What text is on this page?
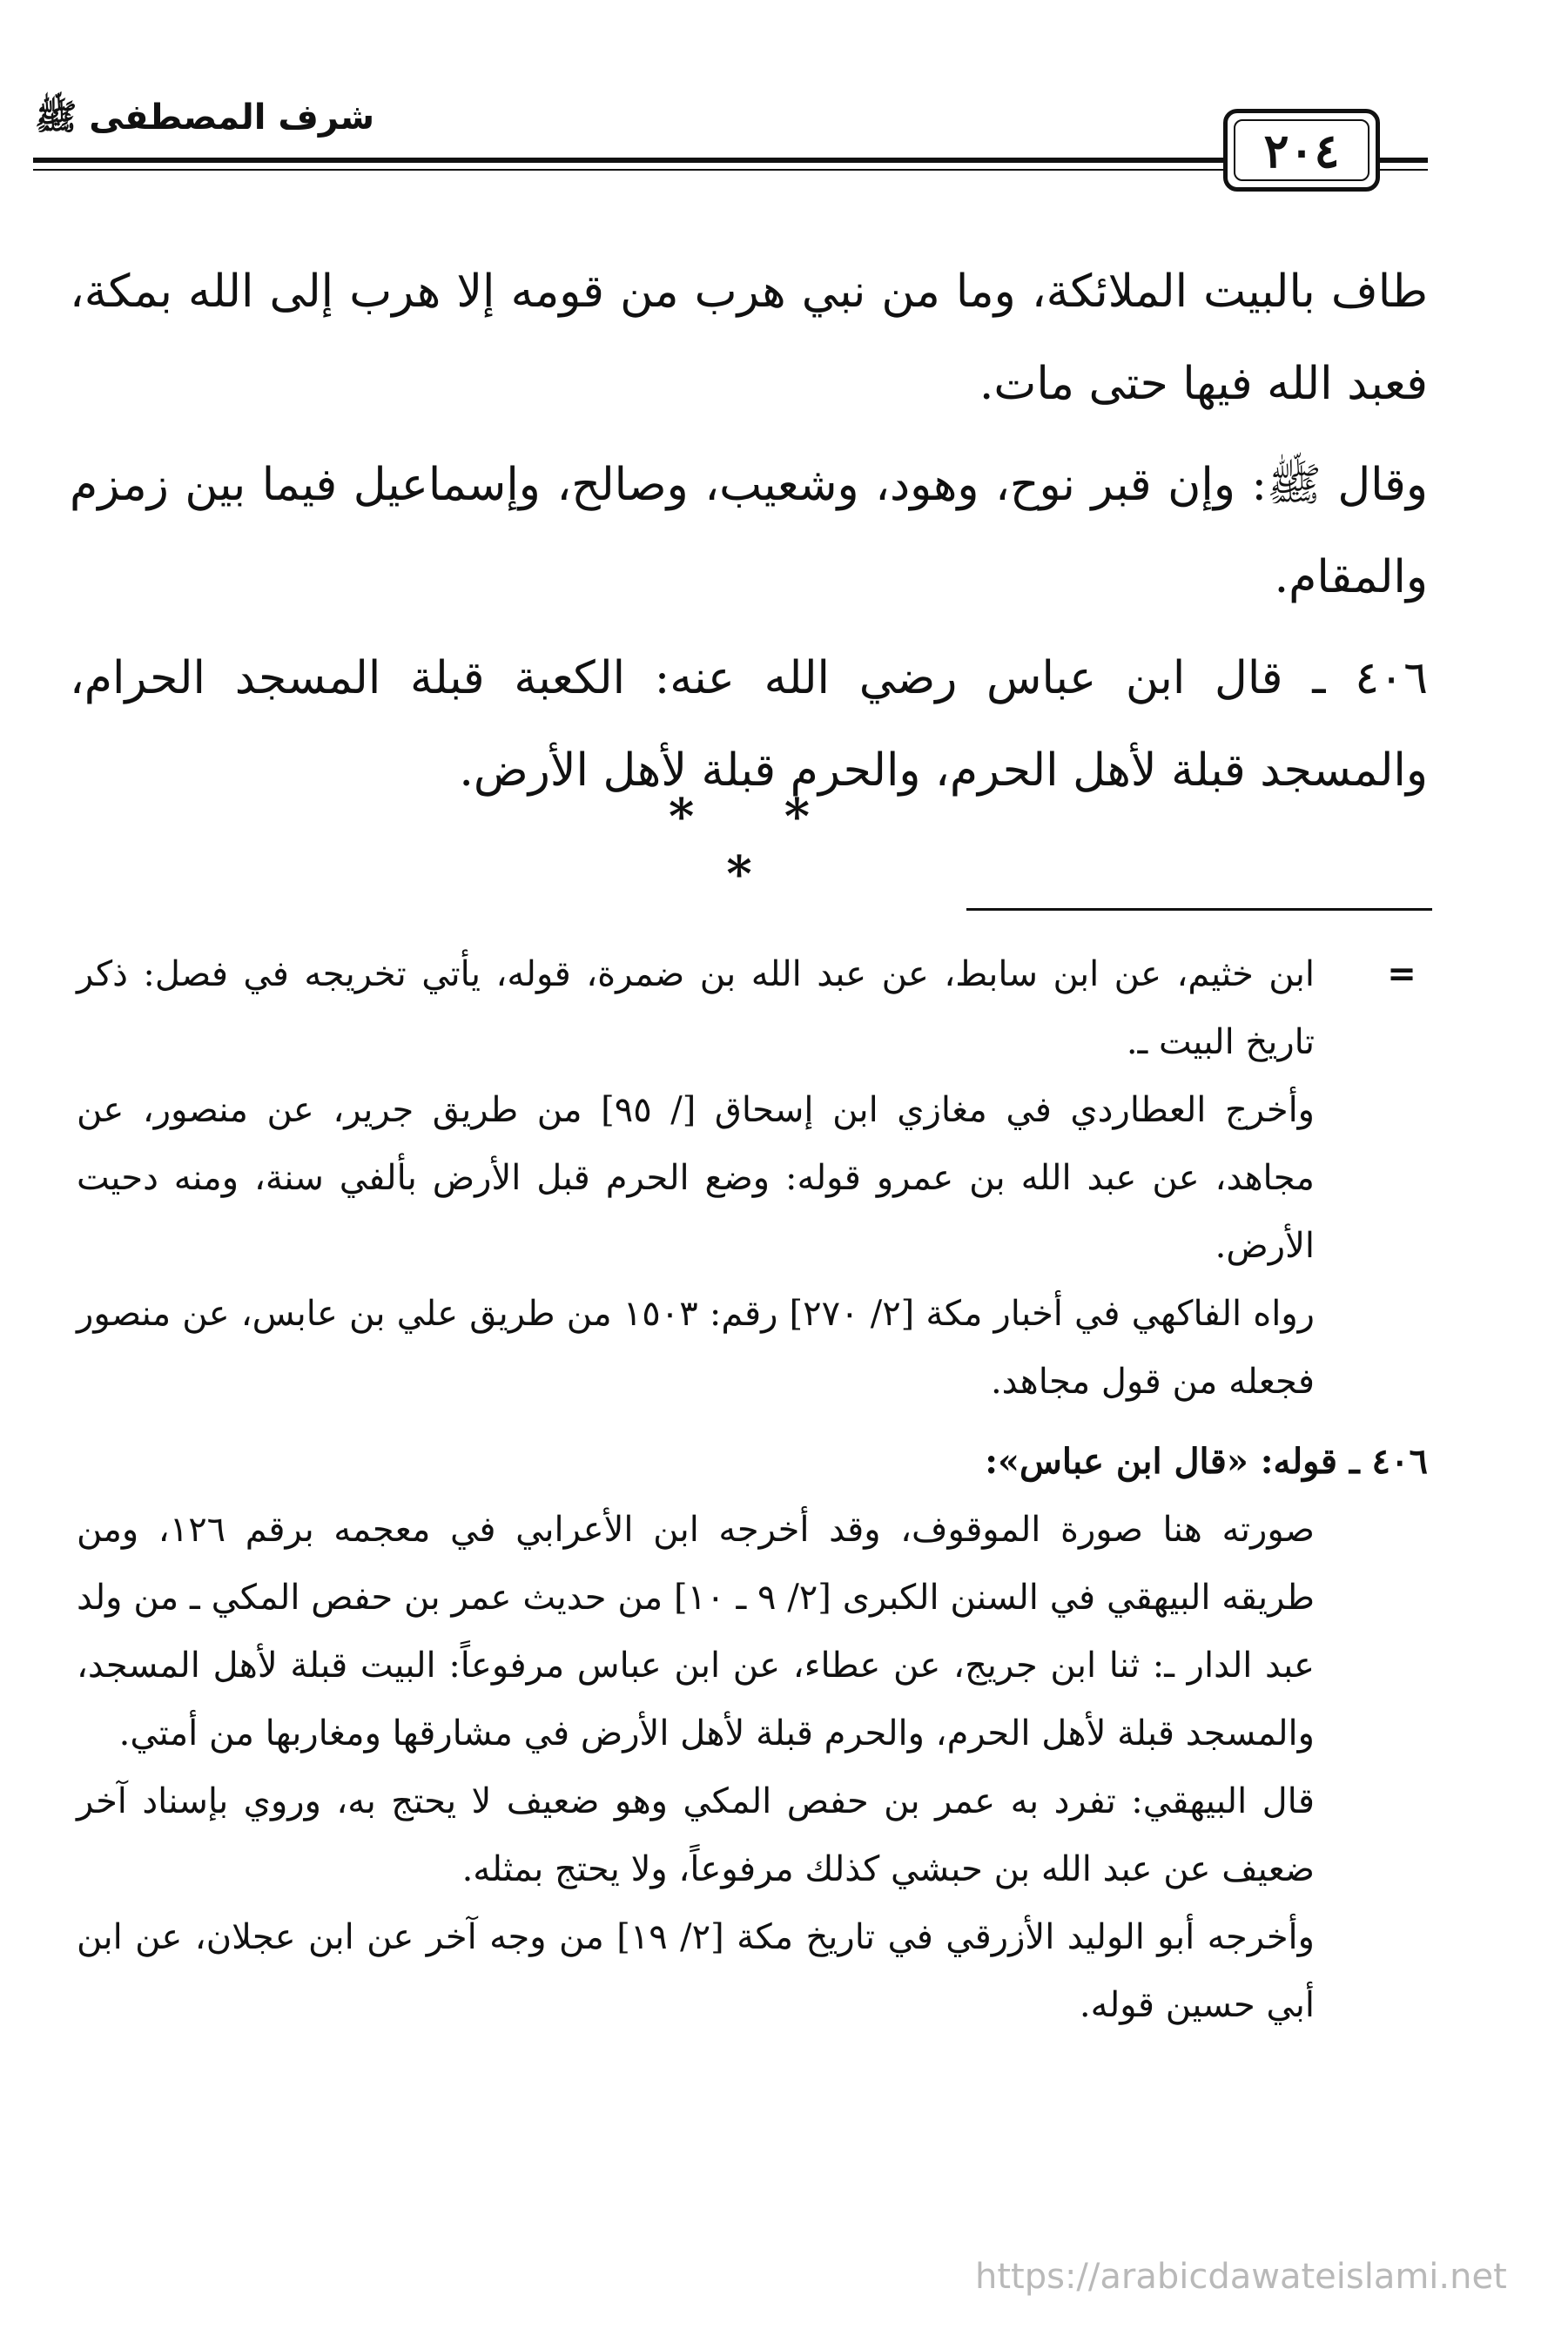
شرف المصطفى ﷺ
٢٠٤

طاف بالبيت الملائكة، وما من نبي هرب من قومه إلا هرب إلى الله بمكة، فعبد الله فيها حتى مات.

وقال ﷺ: وإن قبر نوح، وهود، وشعيب، وصالح، وإسماعيل فيما بين زمزم والمقام.

٤٠٦ ـ قال ابن عباس رضي الله عنه: الكعبة قبلة المسجد الحرام، والمسجد قبلة لأهل الحرم، والحرم قبلة لأهل الأرض.

* * *

=
ابن خثيم، عن ابن سابط، عن عبد الله بن ضمرة، قوله، يأتي تخريجه في فصل: ذكر تاريخ البيت ـ.

وأخرج العطاردي في مغازي ابن إسحاق [/ ٩٥] من طريق جرير، عن منصور، عن مجاهد، عن عبد الله بن عمرو قوله: وضع الحرم قبل الأرض بألفي سنة، ومنه دحيت الأرض.

رواه الفاكهي في أخبار مكة [٢/ ٢٧٠] رقم: ١٥٠٣ من طريق علي بن عابس، عن منصور فجعله من قول مجاهد.

٤٠٦ ـ قوله: «قال ابن عباس»:

صورته هنا صورة الموقوف، وقد أخرجه ابن الأعرابي في معجمه برقم ١٢٦، ومن طريقه البيهقي في السنن الكبرى [٢/ ٩ ـ ١٠] من حديث عمر بن حفص المكي ـ من ولد عبد الدار ـ: ثنا ابن جريج، عن عطاء، عن ابن عباس مرفوعاً: البيت قبلة لأهل المسجد، والمسجد قبلة لأهل الحرم، والحرم قبلة لأهل الأرض في مشارقها ومغاربها من أمتي.

قال البيهقي: تفرد به عمر بن حفص المكي وهو ضعيف لا يحتج به، وروي بإسناد آخر ضعيف عن عبد الله بن حبشي كذلك مرفوعاً، ولا يحتج بمثله.

وأخرجه أبو الوليد الأزرقي في تاريخ مكة [٢/ ١٩] من وجه آخر عن ابن عجلان، عن ابن أبي حسين قوله.

https://arabicdawateislami.net
